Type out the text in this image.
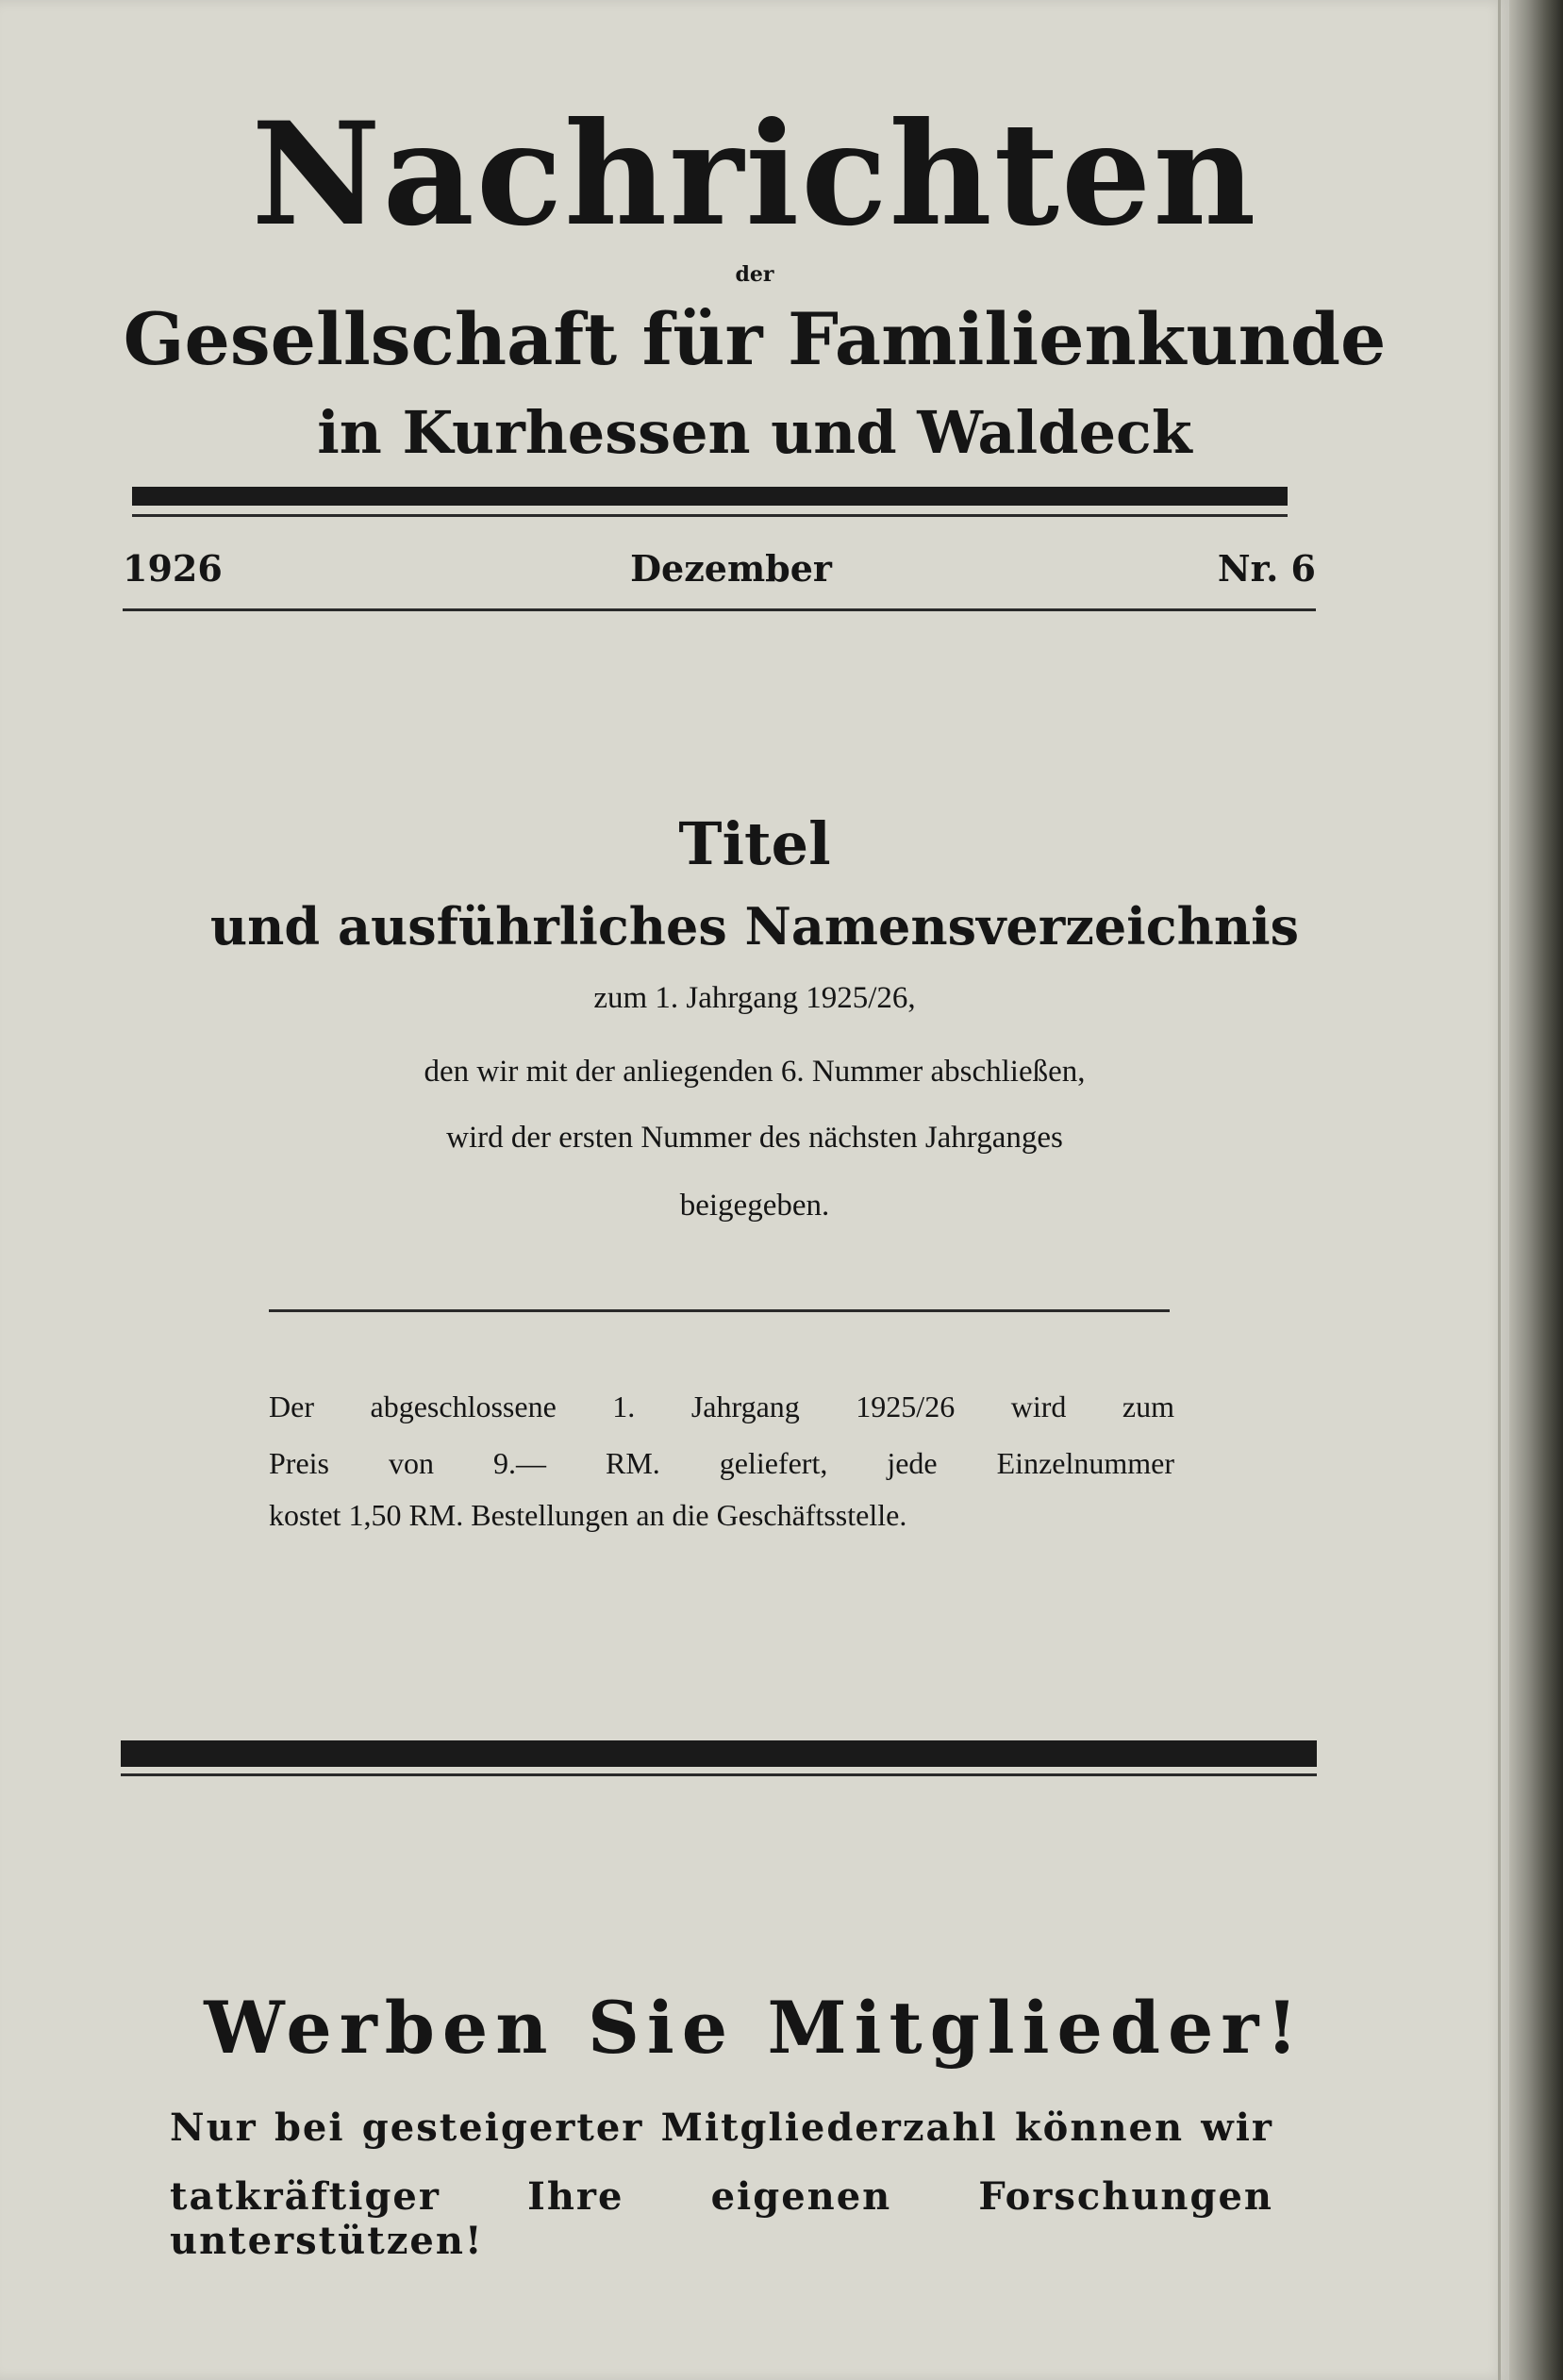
Nachrichten
der
Gesellschaft für Familienkunde
in Kurhessen und Waldeck
1926	Dezember	Nr. 6
Titel
und ausführliches Namensverzeichnis
zum 1. Jahrgang 1925/26,
den wir mit der anliegenden 6. Nummer abschließen,
wird der ersten Nummer des nächsten Jahrganges
beigegeben.
Der abgeschlossene 1. Jahrgang 1925/26 wird zum
Preis von 9.— RM. geliefert, jede Einzelnummer
kostet 1,50 RM. Bestellungen an die Geschäftsstelle.
Werben Sie Mitglieder!
Nur bei gesteigerter Mitgliederzahl können wir
tatkräftiger Ihre eigenen Forschungen unterstützen!
